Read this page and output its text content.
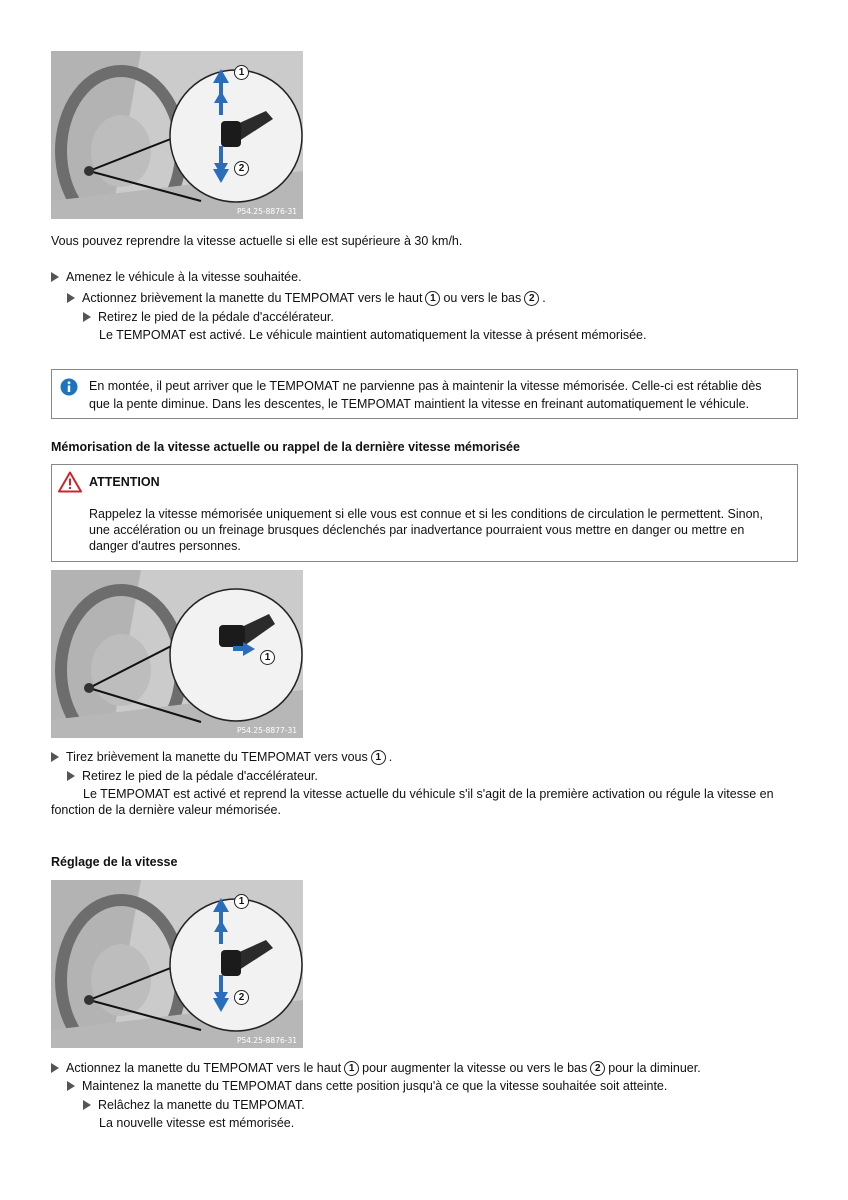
1
2
P54.25-8876-31
Vous pouvez reprendre la vitesse actuelle si elle est supérieure à 30 km/h.
Amenez le véhicule à la vitesse souhaitée.
Actionnez brièvement la manette du TEMPOMAT vers le haut 1 ou vers le bas 2 .
Retirez le pied de la pédale d'accélérateur.
Le TEMPOMAT est activé. Le véhicule maintient automatiquement la vitesse à présent mémorisée.
En montée, il peut arriver que le TEMPOMAT ne parvienne pas à maintenir la vitesse mémorisée. Celle-ci est rétablie dès
que la pente diminue. Dans les descentes, le TEMPOMAT maintient la vitesse en freinant automatiquement le véhicule.
Mémorisation de la vitesse actuelle ou rappel de la dernière vitesse mémorisée
ATTENTION
Rappelez la vitesse mémorisée uniquement si elle vous est connue et si les conditions de circulation le permettent. Sinon,
une accélération ou un freinage brusques déclenchés par inadvertance pourraient vous mettre en danger ou mettre en
danger d'autres personnes.
1
P54.25-8877-31
Tirez brièvement la manette du TEMPOMAT vers vous 1 .
Retirez le pied de la pédale d'accélérateur.
Le TEMPOMAT est activé et reprend la vitesse actuelle du véhicule s'il s'agit de la première activation ou régule la vitesse en
fonction de la dernière valeur mémorisée.
Réglage de la vitesse
1
2
P54.25-8876-31
Actionnez la manette du TEMPOMAT vers le haut 1 pour augmenter la vitesse ou vers le bas 2 pour la diminuer.
Maintenez la manette du TEMPOMAT dans cette position jusqu'à ce que la vitesse souhaitée soit atteinte.
Relâchez la manette du TEMPOMAT.
La nouvelle vitesse est mémorisée.
